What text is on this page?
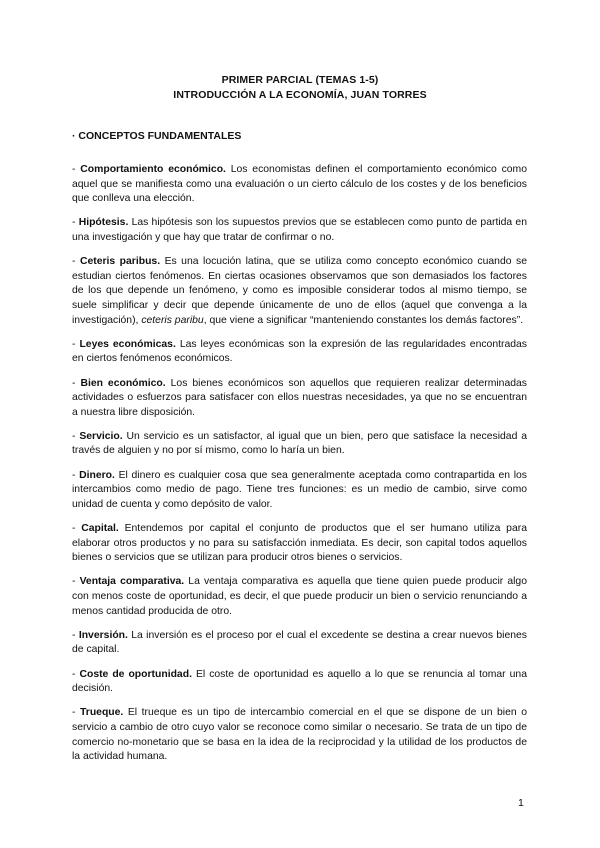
PRIMER PARCIAL (TEMAS 1-5)
INTRODUCCIÓN A LA ECONOMÍA, JUAN TORRES
· CONCEPTOS FUNDAMENTALES

- Comportamiento económico. Los economistas definen el comportamiento económico como aquel que se manifiesta como una evaluación o un cierto cálculo de los costes y de los beneficios que conlleva una elección.

- Hipótesis. Las hipótesis son los supuestos previos que se establecen como punto de partida en una investigación y que hay que tratar de confirmar o no.

- Ceteris paribus. Es una locución latina, que se utiliza como concepto económico cuando se estudian ciertos fenómenos. En ciertas ocasiones observamos que son demasiados los factores de los que depende un fenómeno, y como es imposible considerar todos al mismo tiempo, se suele simplificar y decir que depende únicamente de uno de ellos (aquel que convenga a la investigación), ceteris paribu, que viene a significar “manteniendo constantes los demás factores”.

- Leyes económicas. Las leyes económicas son la expresión de las regularidades encontradas en ciertos fenómenos económicos.

- Bien económico. Los bienes económicos son aquellos que requieren realizar determinadas actividades o esfuerzos para satisfacer con ellos nuestras necesidades, ya que no se encuentran a nuestra libre disposición.

- Servicio. Un servicio es un satisfactor, al igual que un bien, pero que satisface la necesidad a través de alguien y no por sí mismo, como lo haría un bien.

- Dinero. El dinero es cualquier cosa que sea generalmente aceptada como contrapartida en los intercambios como medio de pago. Tiene tres funciones: es un medio de cambio, sirve como unidad de cuenta y como depósito de valor.

- Capital. Entendemos por capital el conjunto de productos que el ser humano utiliza para elaborar otros productos y no para su satisfacción inmediata. Es decir, son capital todos aquellos bienes o servicios que se utilizan para producir otros bienes o servicios.

- Ventaja comparativa. La ventaja comparativa es aquella que tiene quien puede producir algo con menos coste de oportunidad, es decir, el que puede producir un bien o servicio renunciando a menos cantidad producida de otro.

- Inversión. La inversión es el proceso por el cual el excedente se destina a crear nuevos bienes de capital.

- Coste de oportunidad. El coste de oportunidad es aquello a lo que se renuncia al tomar una decisión.

- Trueque. El trueque es un tipo de intercambio comercial en el que se dispone de un bien o servicio a cambio de otro cuyo valor se reconoce como similar o necesario. Se trata de un tipo de comercio no-monetario que se basa en la idea de la reciprocidad y la utilidad de los productos de la actividad humana.

1
